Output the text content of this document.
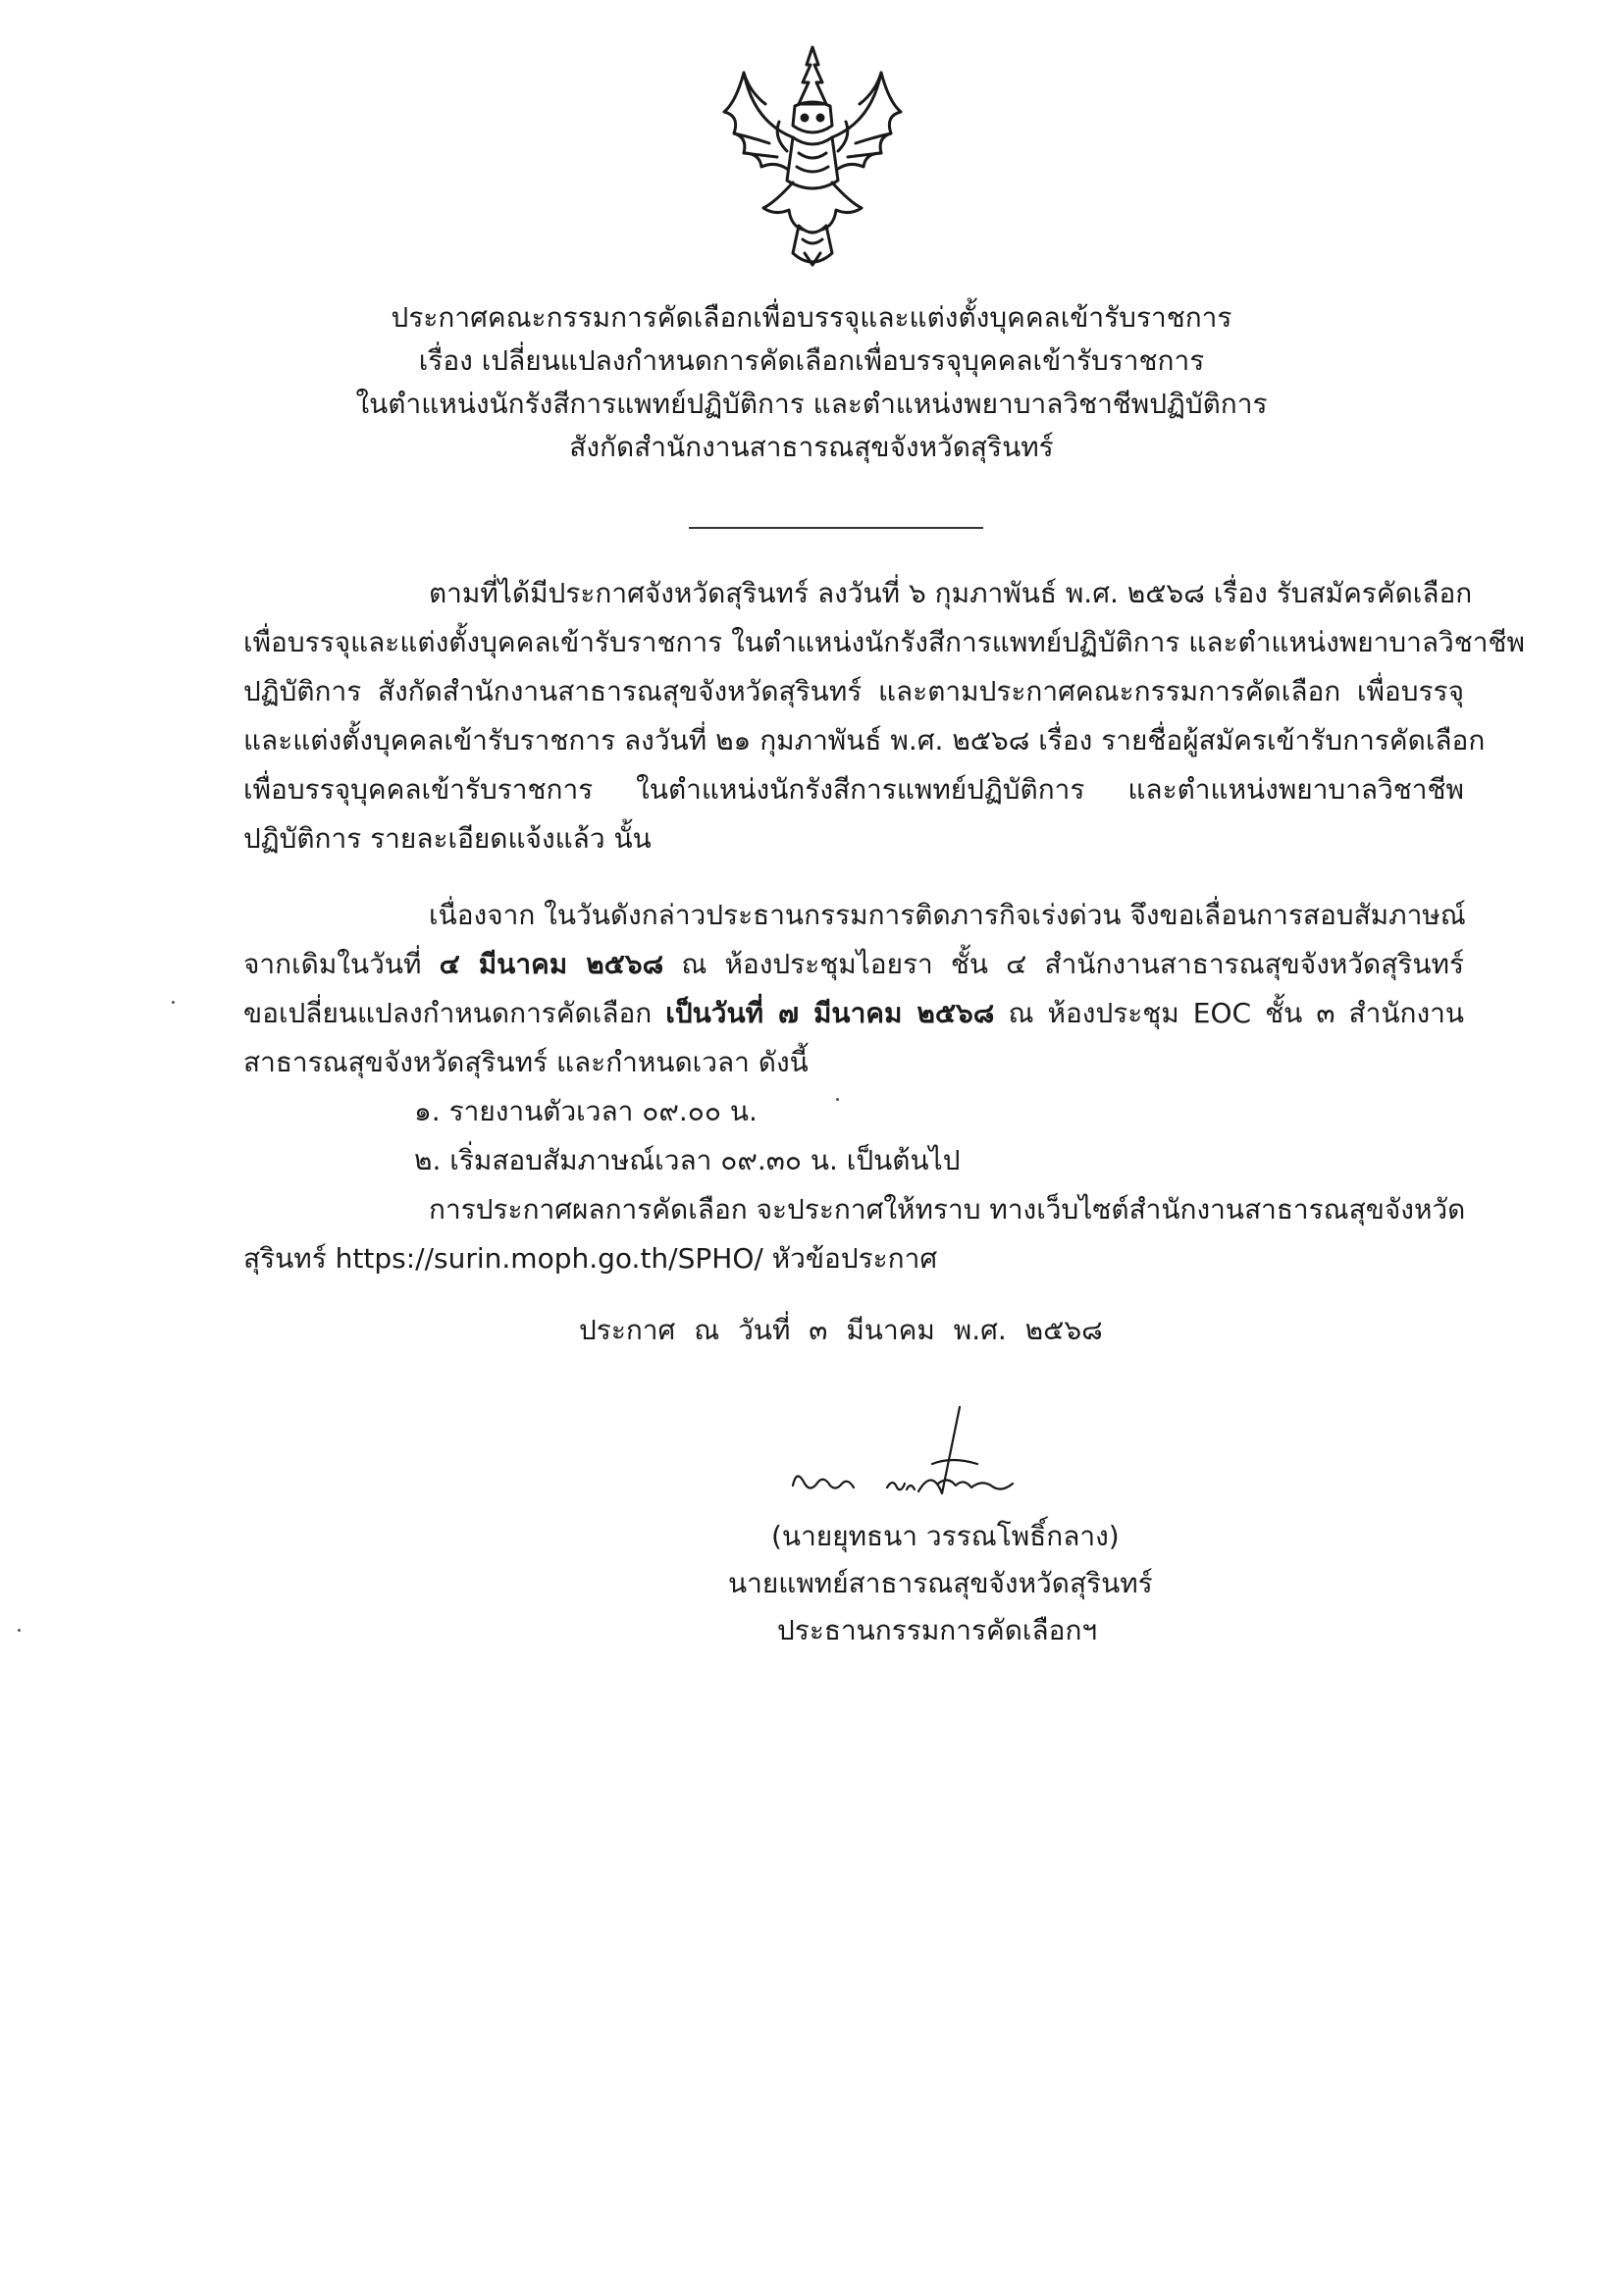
ประกาศคณะกรรมการคัดเลือกเพื่อบรรจุและแต่งตั้งบุคคลเข้ารับราชการ

เรื่อง เปลี่ยนแปลงกำหนดการคัดเลือกเพื่อบรรจุบุคคลเข้ารับราชการ

ในตำแหน่งนักรังสีการแพทย์ปฏิบัติการ และตำแหน่งพยาบาลวิชาชีพปฏิบัติการ

สังกัดสำนักงานสาธารณสุขจังหวัดสุรินทร์

ตามที่ได้มีประกาศจังหวัดสุรินทร์ ลงวันที่ ๖ กุมภาพันธ์ พ.ศ. ๒๕๖๘ เรื่อง รับสมัครคัดเลือก
เพื่อบรรจุและแต่งตั้งบุคคลเข้ารับราชการ ในตำแหน่งนักรังสีการแพทย์ปฏิบัติการ และตำแหน่งพยาบาลวิชาชีพ
ปฏิบัติการ สังกัดสำนักงานสาธารณสุขจังหวัดสุรินทร์ และตามประกาศคณะกรรมการคัดเลือก เพื่อบรรจุ
และแต่งตั้งบุคคลเข้ารับราชการ ลงวันที่ ๒๑ กุมภาพันธ์ พ.ศ. ๒๕๖๘ เรื่อง รายชื่อผู้สมัครเข้ารับการคัดเลือก
เพื่อบรรจุบุคคลเข้ารับราชการ ในตำแหน่งนักรังสีการแพทย์ปฏิบัติการ และตำแหน่งพยาบาลวิชาชีพ
ปฏิบัติการ รายละเอียดแจ้งแล้ว นั้น
เนื่องจาก ในวันดังกล่าวประธานกรรมการติดภารกิจเร่งด่วน จึงขอเลื่อนการสอบสัมภาษณ์
จากเดิมในวันที่ ๔ มีนาคม ๒๕๖๘ ณ ห้องประชุมไอยรา ชั้น ๔ สำนักงานสาธารณสุขจังหวัดสุรินทร์
ขอเปลี่ยนแปลงกำหนดการคัดเลือก เป็นวันที่ ๗ มีนาคม ๒๕๖๘ ณ ห้องประชุม EOC ชั้น ๓ สำนักงาน
สาธารณสุขจังหวัดสุรินทร์ และกำหนดเวลา ดังนี้

๑. รายงานตัวเวลา ๐๙.๐๐ น.

๒. เริ่มสอบสัมภาษณ์เวลา ๐๙.๓๐ น. เป็นต้นไป

การประกาศผลการคัดเลือก จะประกาศให้ทราบ ทางเว็บไซต์สำนักงานสาธารณสุขจังหวัด
สุรินทร์ https://surin.moph.go.th/SPHO/ หัวข้อประกาศ
ประกาศ ณ วันที่ ๓ มีนาคม พ.ศ. ๒๕๖๘

(นายยุทธนา วรรณโพธิ์กลาง)

นายแพทย์สาธารณสุขจังหวัดสุรินทร์

ประธานกรรมการคัดเลือกฯ
